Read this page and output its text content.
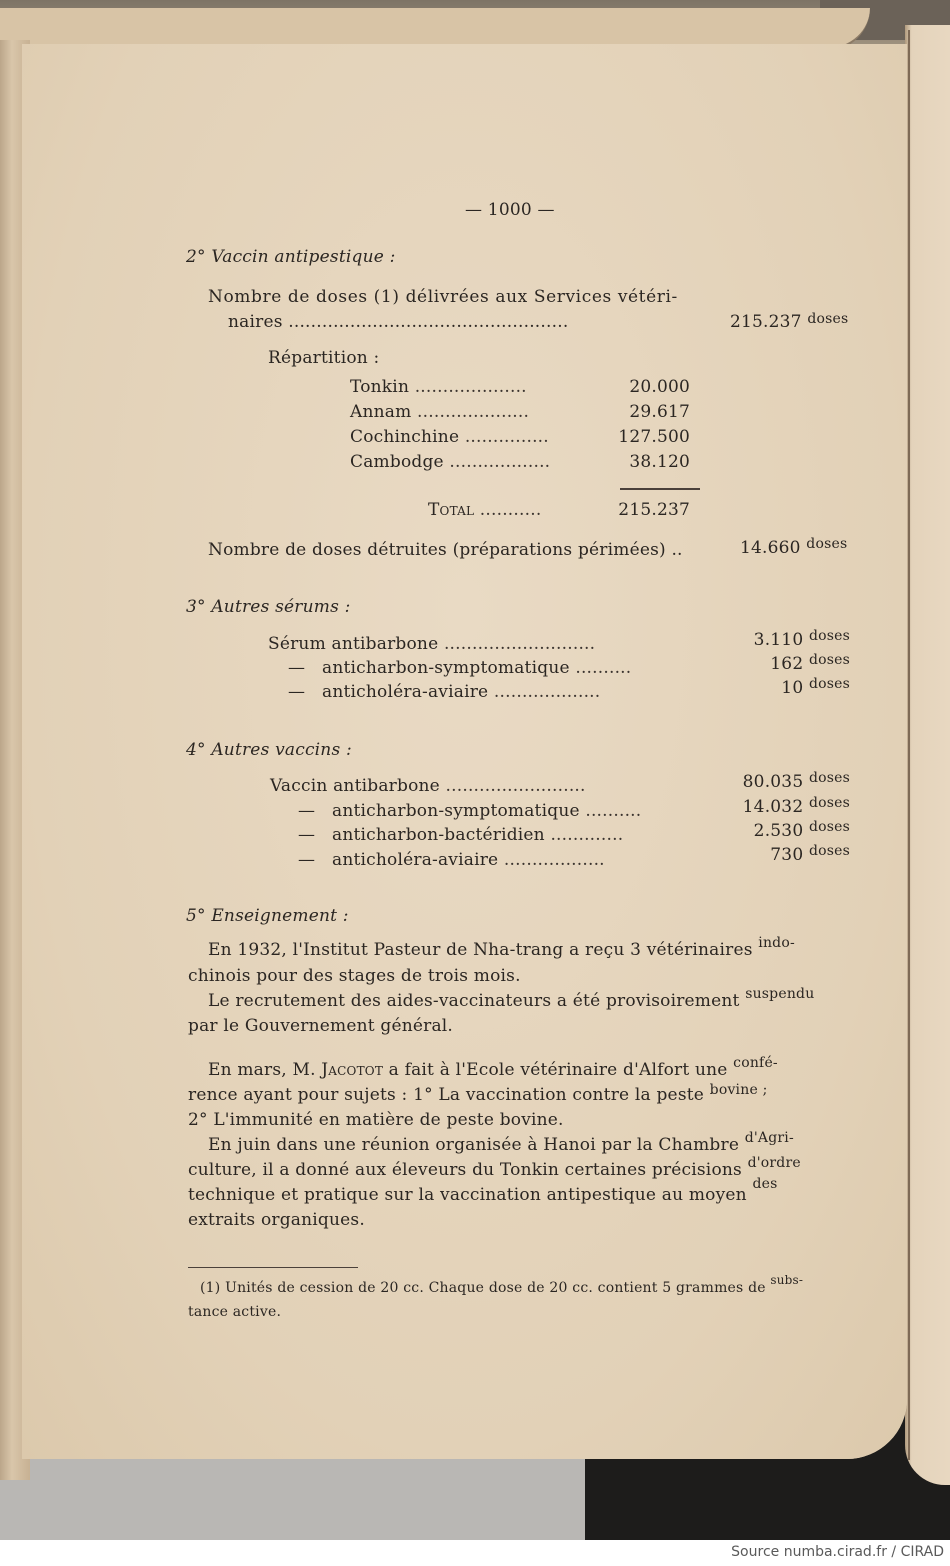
— 1000 —
2° Vaccin antipestique :
Nombre de doses (1) délivrées aux Services vétéri-
naires ..................................................	215.237 $^{doses}$
Répartition :
Tonkin ....................	20.000
Annam ....................	29.617
Cochinchine ...............	127.500
Cambodge ..................	38.120
Total ...........	215.237
Nombre de doses détruites (préparations périmées) ..	14.660 $^{doses}$
3° Autres sérums :
Sérum antibarbone ...........................	3.110 $^{doses}$
— anticharbon-symptomatique ..........	162 $^{doses}$
— anticholéra-aviaire ...................	10 $^{doses}$
4° Autres vaccins :
Vaccin antibarbone .........................	80.035 $^{doses}$
— anticharbon-symptomatique ..........	14.032 $^{doses}$
— anticharbon-bactéridien .............	2.530 $^{doses}$
— anticholéra-aviaire ..................	730 $^{doses}$
5° Enseignement :
En 1932, l'Institut Pasteur de Nha-trang a reçu 3 vétérinaires $^{indo-}$
chinois pour des stages de trois mois.
Le recrutement des aides-vaccinateurs a été provisoirement $^{suspendu}$
par le Gouvernement général.
En mars, M. Jacotot a fait à l'Ecole vétérinaire d'Alfort une $^{confé-}$
rence ayant pour sujets : 1° La vaccination contre la peste $^{bovine ;}$
2° L'immunité en matière de peste bovine.
En juin dans une réunion organisée à Hanoi par la Chambre $^{d'Agri-}$
culture, il a donné aux éleveurs du Tonkin certaines précisions $^{d'ordre}$
technique et pratique sur la vaccination antipestique au moyen $^{des}$
extraits organiques.
(1) Unités de cession de 20 cc. Chaque dose de 20 cc. contient 5 grammes de subs-
tance active.
Source numba.cirad.fr / CIRAD
